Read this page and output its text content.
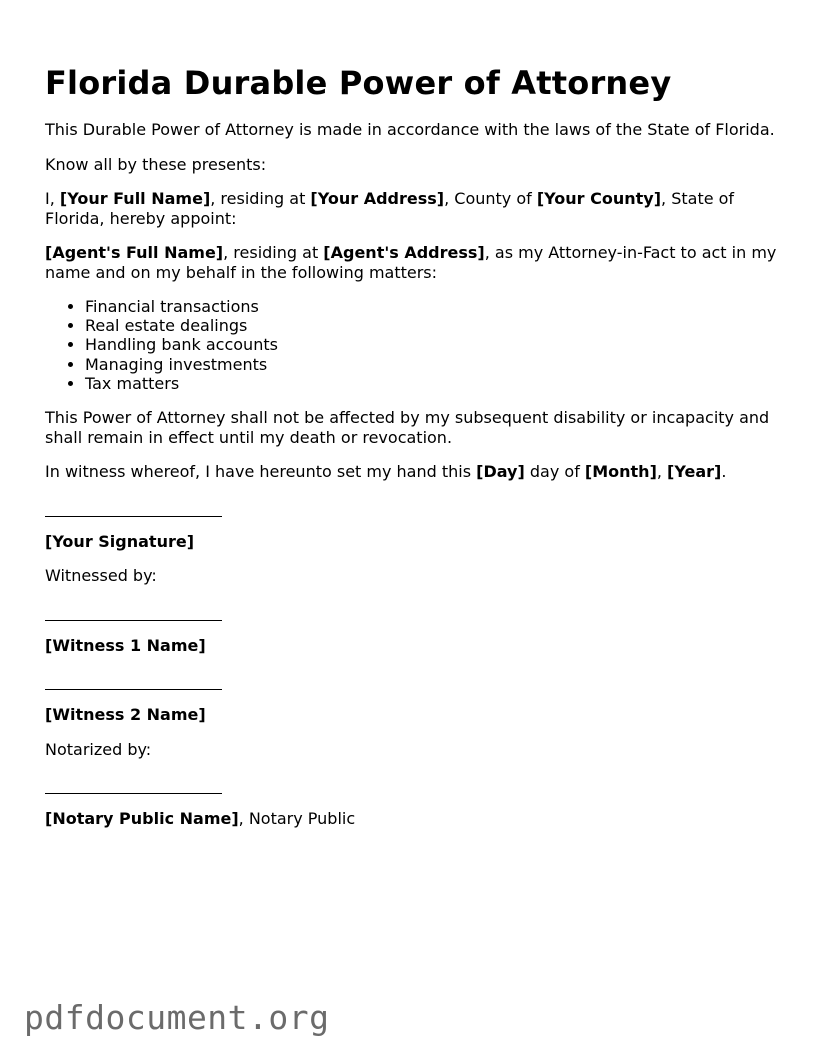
Florida Durable Power of Attorney

This Durable Power of Attorney is made in accordance with the laws of the State of Florida.

Know all by these presents:

I, [Your Full Name], residing at [Your Address], County of [Your County], State of Florida, hereby appoint:

[Agent's Full Name], residing at [Agent's Address], as my Attorney-in-Fact to act in my name and on my behalf in the following matters:

• Financial transactions
• Real estate dealings
• Handling bank accounts
• Managing investments
• Tax matters

This Power of Attorney shall not be affected by my subsequent disability or incapacity and shall remain in effect until my death or revocation.

In witness whereof, I have hereunto set my hand this [Day] day of [Month], [Year].

[Your Signature]

Witnessed by:

[Witness 1 Name]

[Witness 2 Name]

Notarized by:

[Notary Public Name], Notary Public

pdfdocument.org
